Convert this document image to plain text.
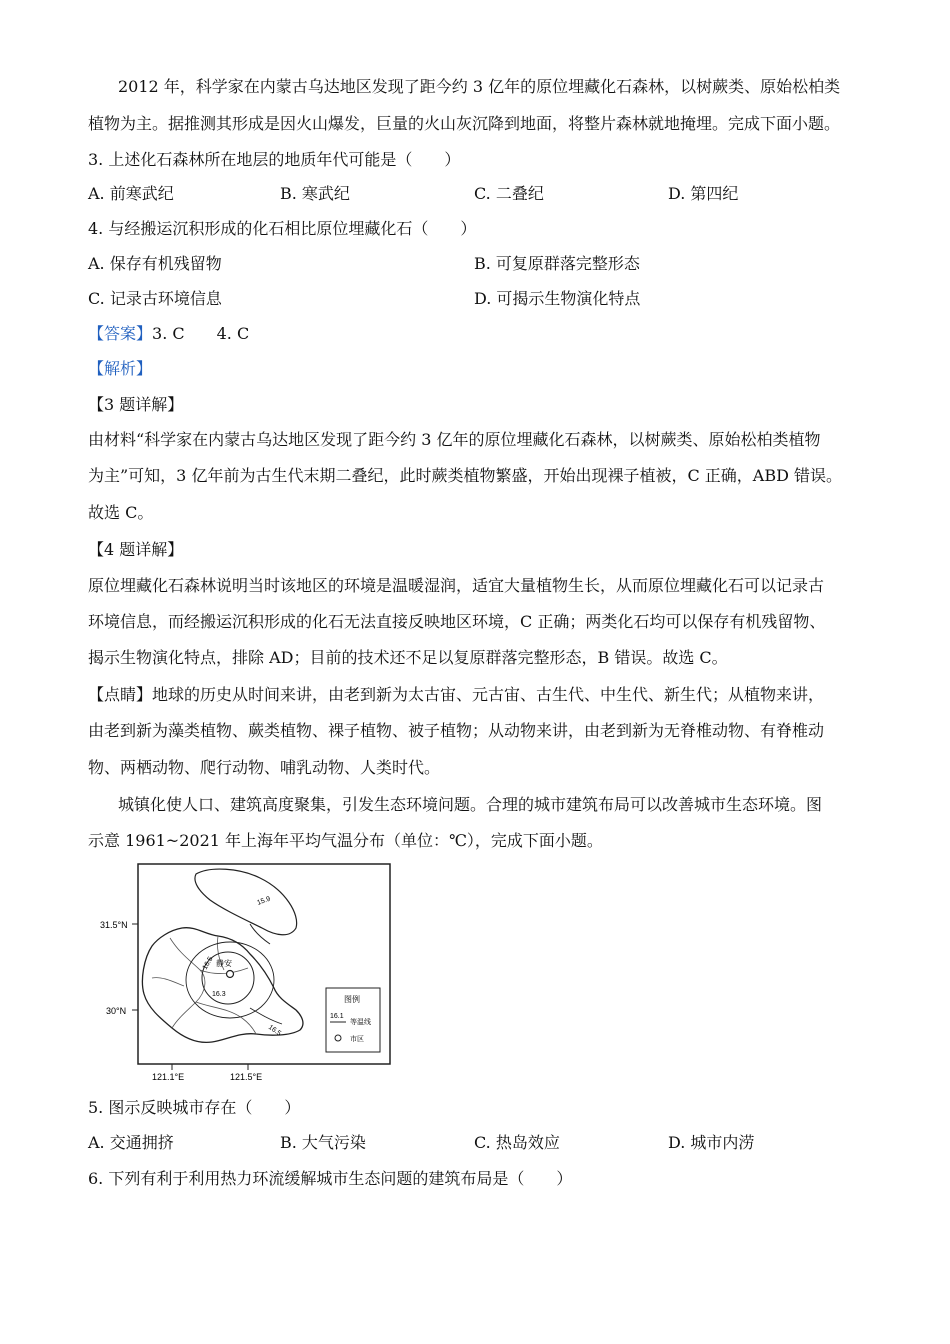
2012 年，科学家在内蒙古乌达地区发现了距今约 3 亿年的原位埋藏化石森林，以树蕨类、原始松柏类
植物为主。据推测其形成是因火山爆发，巨量的火山灰沉降到地面，将整片森林就地掩埋。完成下面小题。
3. 上述化石森林所在地层的地质年代可能是（　　）
A. 前寒武纪	B. 寒武纪	C. 二叠纪	D. 第四纪
4. 与经搬运沉积形成的化石相比原位埋藏化石（　　）
A. 保存有机残留物	B. 可复原群落完整形态
C. 记录古环境信息	D. 可揭示生物演化特点
【答案】3. C　　4. C
【解析】
【3 题详解】
由材料“科学家在内蒙古乌达地区发现了距今约 3 亿年的原位埋藏化石森林，以树蕨类、原始松柏类植物
为主”可知，3 亿年前为古生代末期二叠纪，此时蕨类植物繁盛，开始出现裸子植被，C 正确，ABD 错误。
故选 C。
【4 题详解】
原位埋藏化石森林说明当时该地区的环境是温暖湿润，适宜大量植物生长，从而原位埋藏化石可以记录古
环境信息，而经搬运沉积形成的化石无法直接反映地区环境，C 正确；两类化石均可以保存有机残留物、
揭示生物演化特点，排除 AD；目前的技术还不足以复原群落完整形态，B 错误。故选 C。
【点睛】地球的历史从时间来讲，由老到新为太古宙、元古宙、古生代、中生代、新生代；从植物来讲，
由老到新为藻类植物、蕨类植物、裸子植物、被子植物；从动物来讲，由老到新为无脊椎动物、有脊椎动
物、两栖动物、爬行动物、哺乳动物、人类时代。
城镇化使人口、建筑高度聚集，引发生态环境问题。合理的城市建筑布局可以改善城市生态环境。图
示意 1961~2021 年上海年平均气温分布（单位：℃），完成下面小题。
31.5°N
30°N
121.1°E	121.5°E
静安
15.9
16.5
16.3
16.5
图例
16.1
等温线
市区
5. 图示反映城市存在（　　）
A. 交通拥挤	B. 大气污染	C. 热岛效应	D. 城市内涝
6. 下列有利于利用热力环流缓解城市生态问题的建筑布局是（　　）
